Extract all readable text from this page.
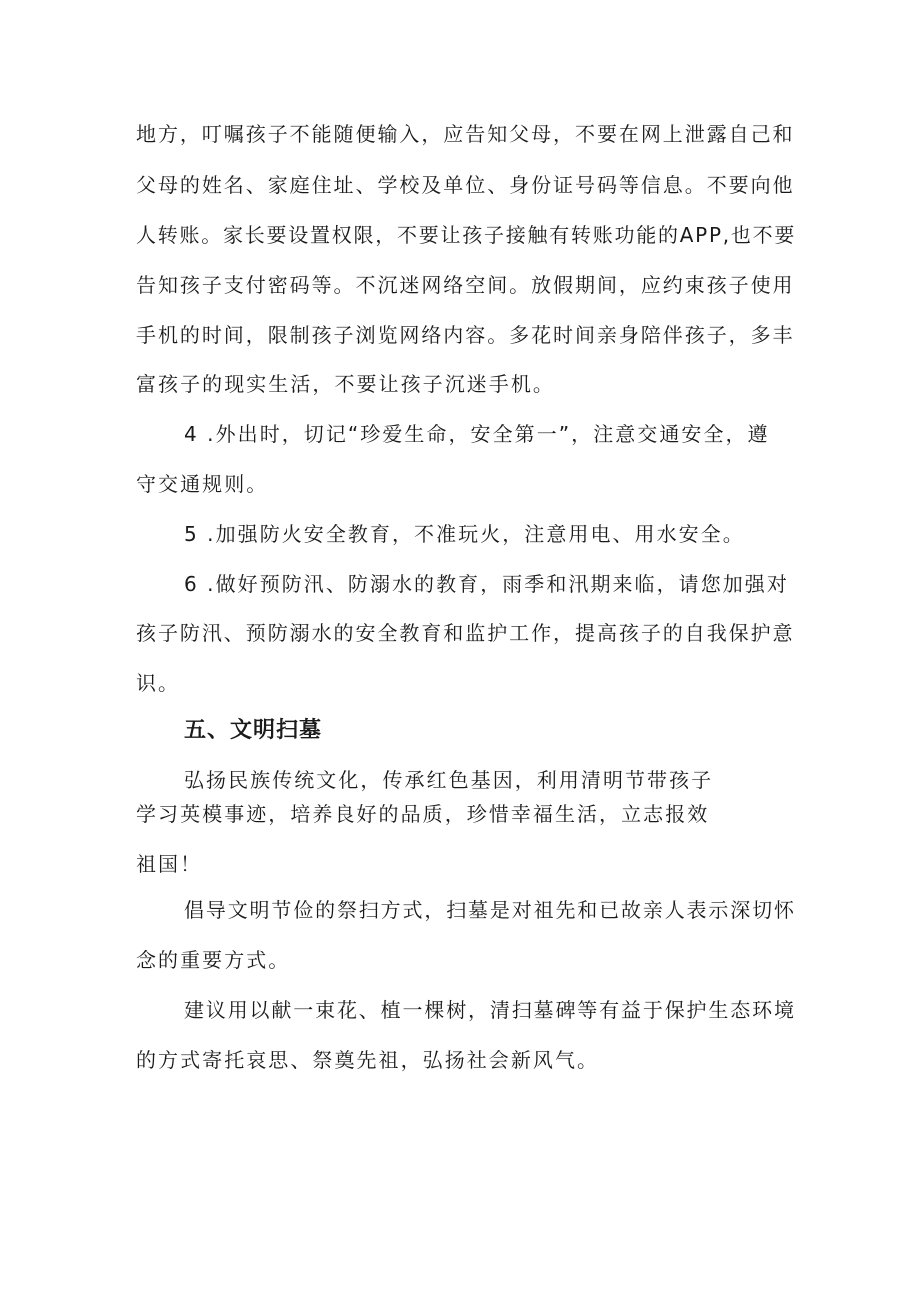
地方，叮嘱孩子不能随便输入，应告知父母，不要在网上泄露自己和
父母的姓名、家庭住址、学校及单位、身份证号码等信息。不要向他
人转账。家长要设置权限，不要让孩子接触有转账功能的APP,也不要
告知孩子支付密码等。不沉迷网络空间。放假期间，应约束孩子使用
手机的时间，限制孩子浏览网络内容。多花时间亲身陪伴孩子，多丰
富孩子的现实生活，不要让孩子沉迷手机。
4 .外出时，切记“珍爱生命，安全第一”，注意交通安全，遵
守交通规则。
5 .加强防火安全教育，不准玩火，注意用电、用水安全。
6 .做好预防汛、防溺水的教育，雨季和汛期来临，请您加强对
孩子防汛、预防溺水的安全教育和监护工作，提高孩子的自我保护意
识。
五、文明扫墓
弘扬民族传统文化，传承红色基因，利用清明节带孩子
学习英模事迹，培养良好的品质，珍惜幸福生活，立志报效
祖国！
倡导文明节俭的祭扫方式，扫墓是对祖先和已故亲人表示深切怀
念的重要方式。
建议用以献一束花、植一棵树，清扫墓碑等有益于保护生态环境
的方式寄托哀思、祭奠先祖，弘扬社会新风气。
